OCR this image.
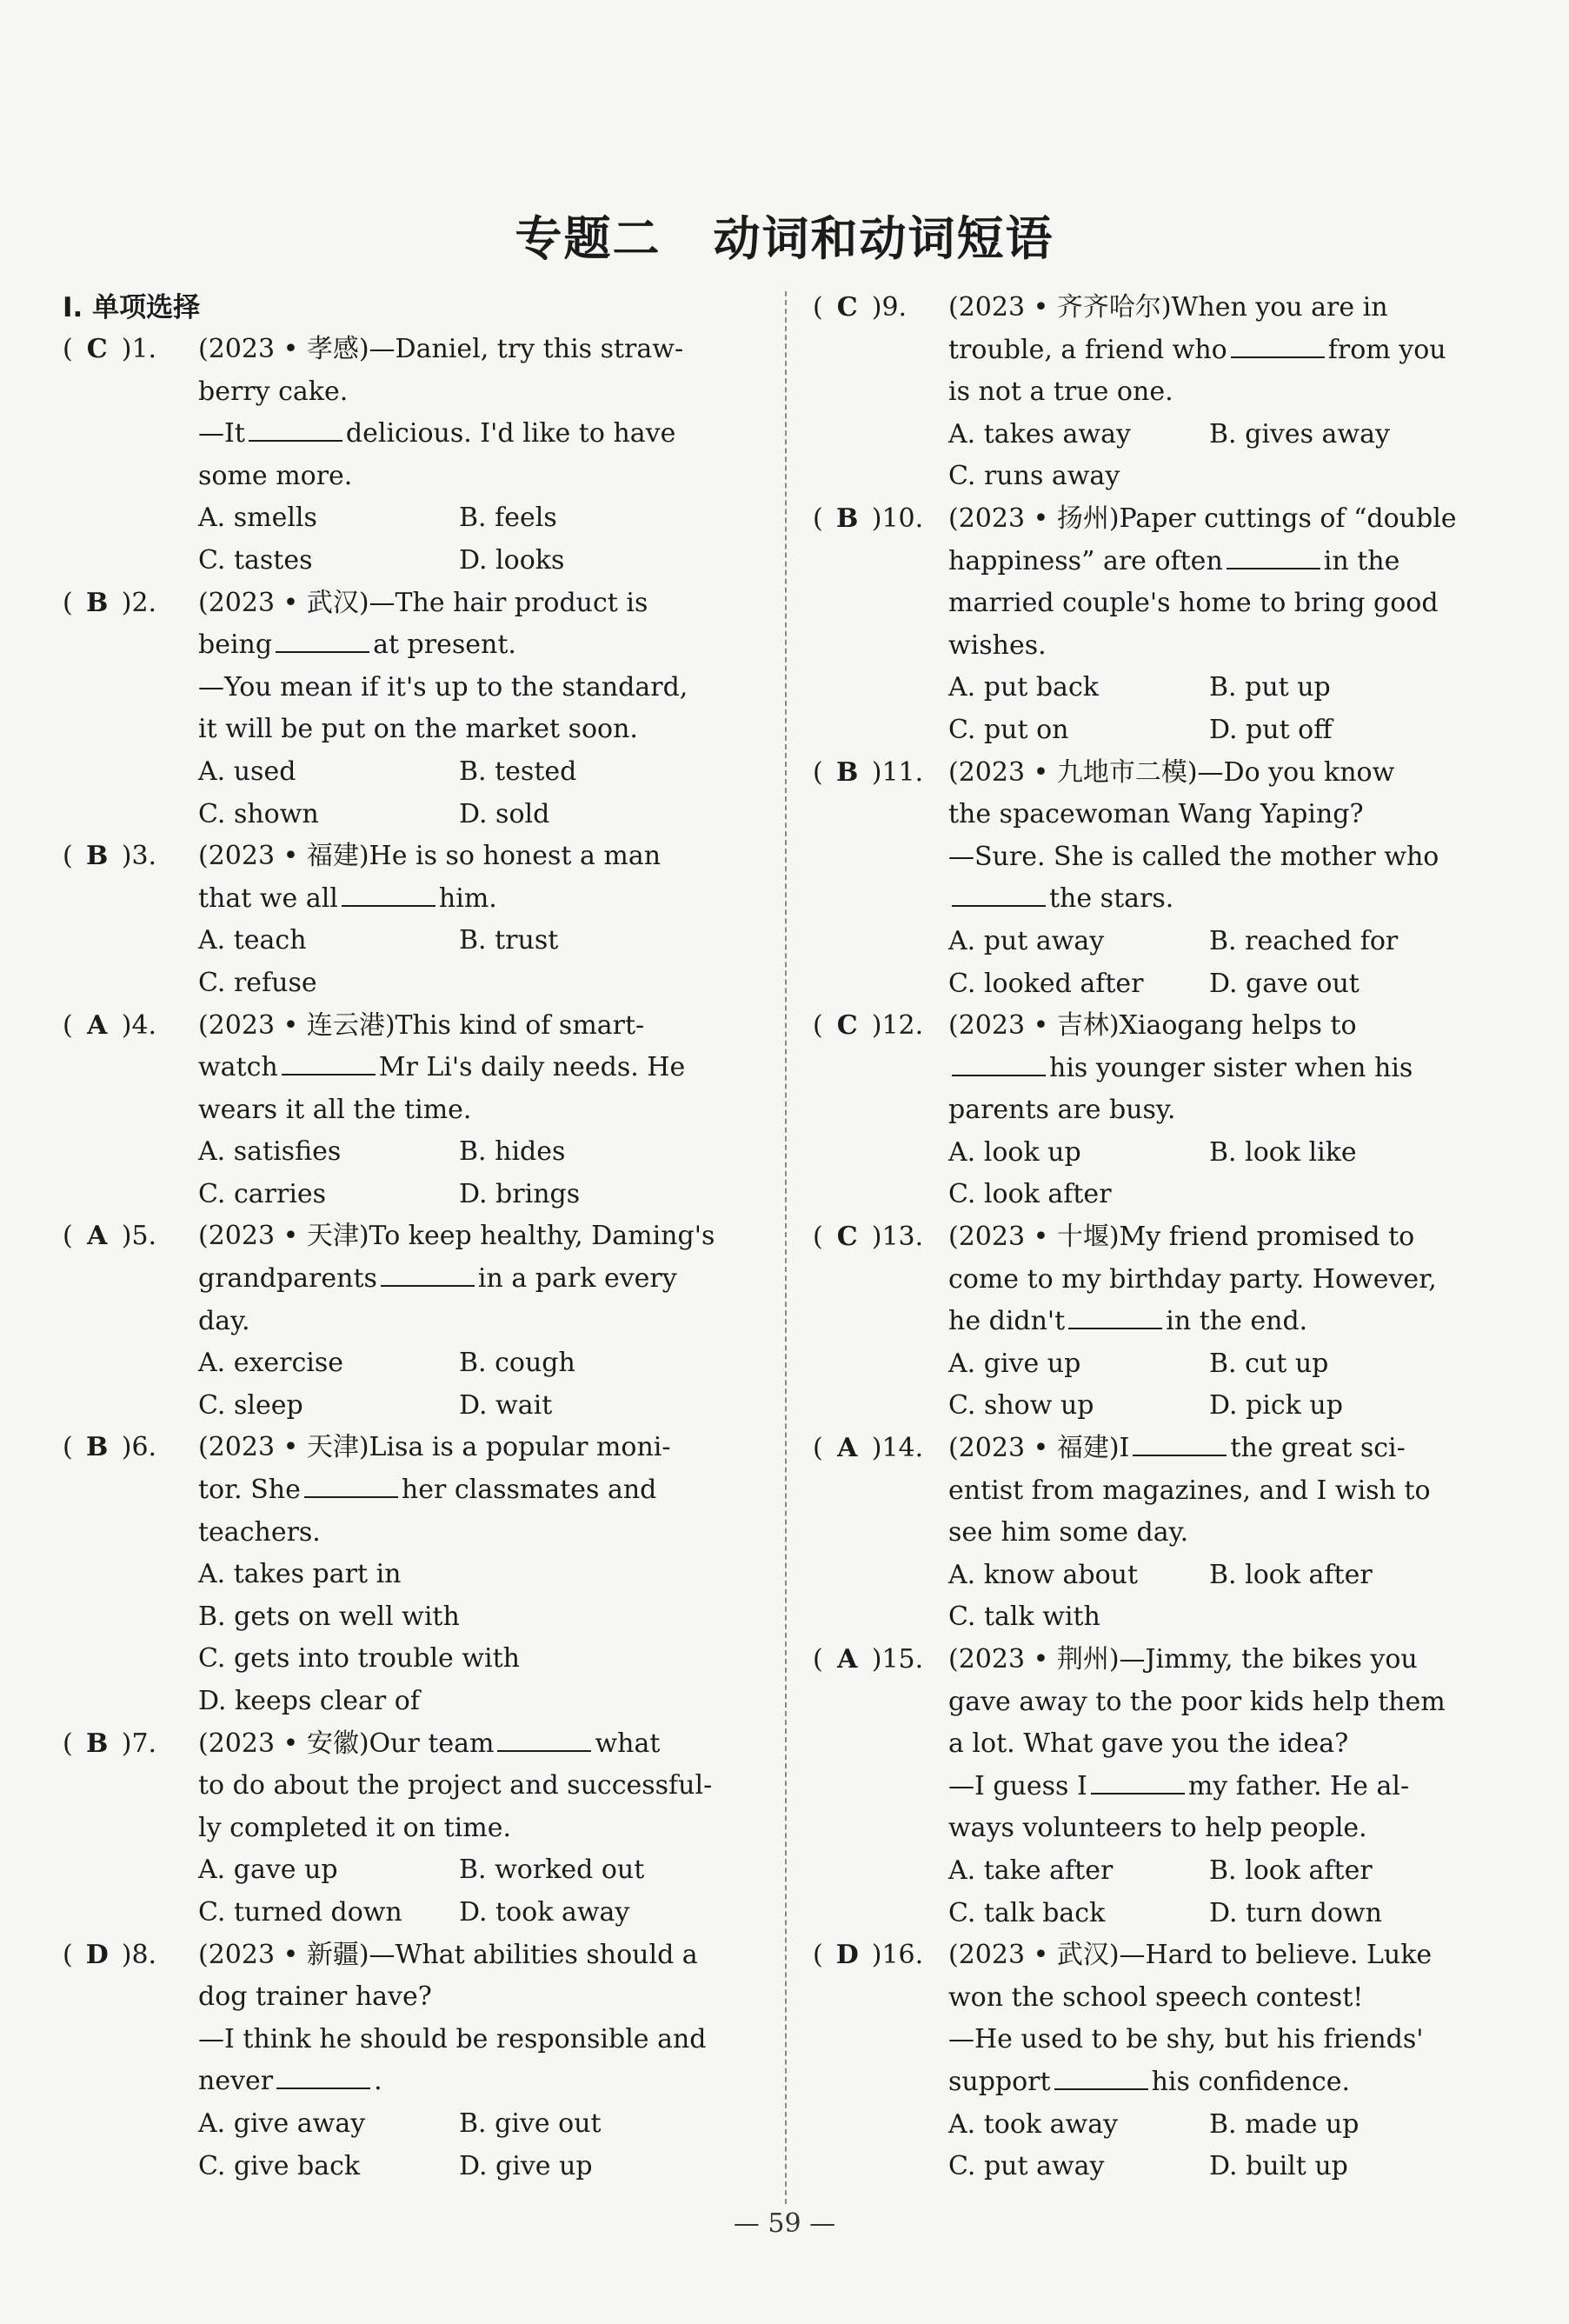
专题二 动词和动词短语
Ⅰ. 单项选择
( C )1.	(2023 • 孝感)—Daniel, try this straw-
berry cake.
—It	delicious. I'd like to have
some more.
A. smells	B. feels
C. tastes	D. looks
( B )2.	(2023 • 武汉)—The hair product is
being	at present.
—You mean if it's up to the standard,
it will be put on the market soon.
A. used	B. tested
C. shown	D. sold
( B )3.	(2023 • 福建)He is so honest a man
that we all	him.
A. teach	B. trust
C. refuse
( A )4.	(2023 • 连云港)This kind of smart-
watch	Mr Li's daily needs. He
wears it all the time.
A. satisfies	B. hides
C. carries	D. brings
( A )5.	(2023 • 天津)To keep healthy, Daming's
grandparents	in a park every
day.
A. exercise	B. cough
C. sleep	D. wait
( B )6.	(2023 • 天津)Lisa is a popular moni-
tor. She	her classmates and
teachers.
A. takes part in
B. gets on well with
C. gets into trouble with
D. keeps clear of
( B )7.	(2023 • 安徽)Our team	what
to do about the project and successful-
ly completed it on time.
A. gave up	B. worked out
C. turned down	D. took away
( D )8.	(2023 • 新疆)—What abilities should a
dog trainer have?
—I think he should be responsible and
never	.
A. give away	B. give out
C. give back	D. give up
( C )9.	(2023 • 齐齐哈尔)When you are in
trouble, a friend who	from you
is not a true one.
A. takes away	B. gives away
C. runs away
( B )10. (2023 • 扬州)Paper cuttings of “double
happiness” are often	in the
married couple's home to bring good
wishes.
A. put back	B. put up
C. put on	D. put off
( B )11. (2023 • 九地市二模)—Do you know
the spacewoman Wang Yaping?
—Sure. She is called the mother who
the stars.
A. put away	B. reached for
C. looked after	D. gave out
( C )12. (2023 • 吉林)Xiaogang helps to
his younger sister when his
parents are busy.
A. look up	B. look like
C. look after
( C )13. (2023 • 十堰)My friend promised to
come to my birthday party. However,
he didn't	in the end.
A. give up	B. cut up
C. show up	D. pick up
( A )14. (2023 • 福建)I	the great sci-
entist from magazines, and I wish to
see him some day.
A. know about	B. look after
C. talk with
( A )15. (2023 • 荆州)—Jimmy, the bikes you
gave away to the poor kids help them
a lot. What gave you the idea?
—I guess I	my father. He al-
ways volunteers to help people.
A. take after	B. look after
C. talk back	D. turn down
( D )16. (2023 • 武汉)—Hard to believe. Luke
won the school speech contest!
—He used to be shy, but his friends'
support	his confidence.
A. took away	B. made up
C. put away	D. built up
— 59 —
